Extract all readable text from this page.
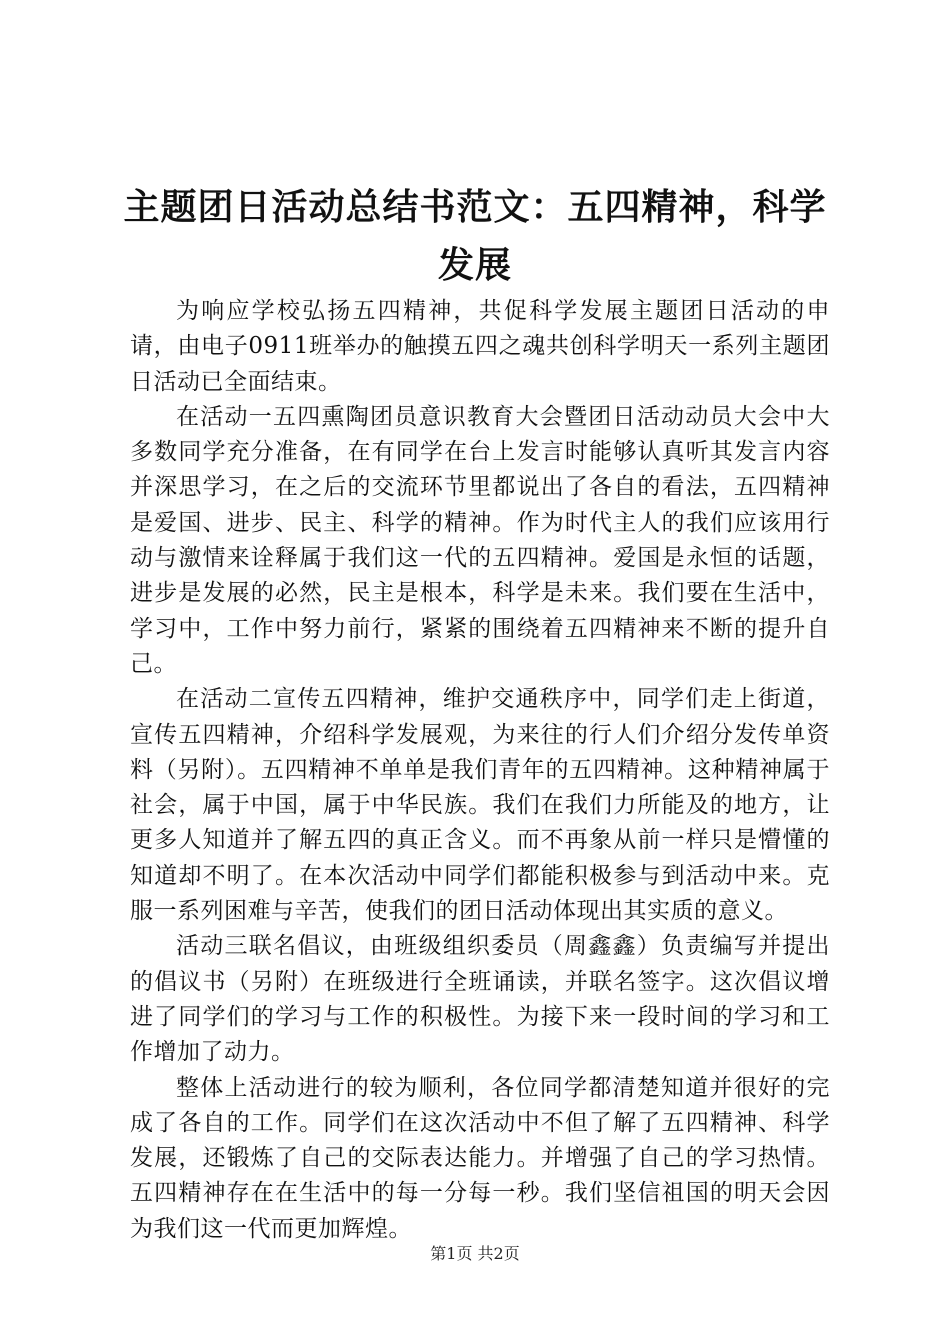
主题团日活动总结书范文：五四精神，科学发展

为响应学校弘扬五四精神，共促科学发展主题团日活动的申请，由电子0911班举办的触摸五四之魂共创科学明天一系列主题团日活动已全面结束。

在活动一五四熏陶团员意识教育大会暨团日活动动员大会中大多数同学充分准备，在有同学在台上发言时能够认真听其发言内容并深思学习，在之后的交流环节里都说出了各自的看法，五四精神是爱国、进步、民主、科学的精神。作为时代主人的我们应该用行动与激情来诠释属于我们这一代的五四精神。爱国是永恒的话题，进步是发展的必然，民主是根本，科学是未来。我们要在生活中，学习中，工作中努力前行，紧紧的围绕着五四精神来不断的提升自己。

在活动二宣传五四精神，维护交通秩序中，同学们走上街道，宣传五四精神，介绍科学发展观，为来往的行人们介绍分发传单资料（另附）。五四精神不单单是我们青年的五四精神。这种精神属于社会，属于中国，属于中华民族。我们在我们力所能及的地方，让更多人知道并了解五四的真正含义。而不再象从前一样只是懵懂的知道却不明了。在本次活动中同学们都能积极参与到活动中来。克服一系列困难与辛苦，使我们的团日活动体现出其实质的意义。

活动三联名倡议，由班级组织委员（周鑫鑫）负责编写并提出的倡议书（另附）在班级进行全班诵读，并联名签字。这次倡议增进了同学们的学习与工作的积极性。为接下来一段时间的学习和工作增加了动力。

整体上活动进行的较为顺利，各位同学都清楚知道并很好的完成了各自的工作。同学们在这次活动中不但了解了五四精神、科学发展，还锻炼了自己的交际表达能力。并增强了自己的学习热情。五四精神存在在生活中的每一分每一秒。我们坚信祖国的明天会因为我们这一代而更加辉煌。

第1页 共2页
